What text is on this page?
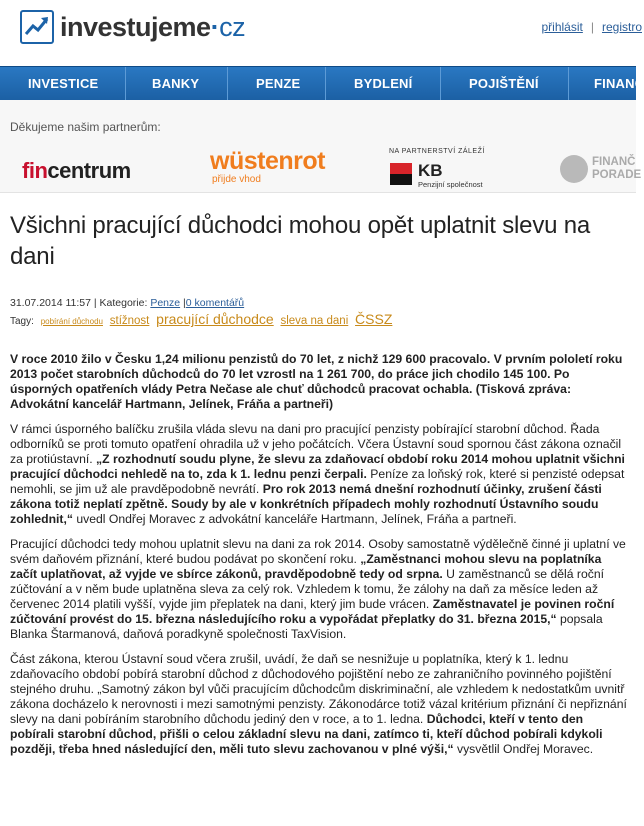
investujeme·cz	přihlásit | registro
INVESTICE	BANKY	PENZE	BYDLENÍ	POJIŠTĚNÍ	FINANC
Děkujeme našim partnerům:
fincentrum	wüstenrot
přijde vhod
NA PARTNERSTVÍ ZÁLEŽÍ
KB
Penzijní společnost
FINANČ
PORADE
Všichni pracující důchodci mohou opět uplatnit slevu na dani
31.07.2014 11:57 | Kategorie: Penze |0 komentářů
Tagy: pobírání důchodu stížnost pracující důchodce sleva na dani ČSSZ

V roce 2010 žilo v Česku 1,24 milionu penzistů do 70 let, z nichž 129 600 pracovalo. V prvním pololetí roku 2013 počet starobních důchodců do 70 let vzrostl na 1 261 700, do práce jich chodilo 145 100. Po úsporných opatřeních vlády Petra Nečase ale chuť důchodců pracovat ochabla. (Tisková zpráva: Advokátní kancelář Hartmann, Jelínek, Fráňa a partneři)

V rámci úsporného balíčku zrušila vláda slevu na dani pro pracující penzisty pobírající starobní důchod. Řada odborníků se proti tomuto opatření ohradila už v jeho počátcích. Včera Ústavní soud spornou část zákona označil za protiústavní. „Z rozhodnutí soudu plyne, že slevu za zdaňovací období roku 2014 mohou uplatnit všichni pracující důchodci nehledě na to, zda k 1. lednu penzi čerpali. Peníze za loňský rok, které si penzisté odepsat nemohli, se jim už ale pravděpodobně nevrátí. Pro rok 2013 nemá dnešní rozhodnutí účinky, zrušení části zákona totiž neplatí zpětně. Soudy by ale v konkrétních případech mohly rozhodnutí Ústavního soudu zohlednit,“ uvedl Ondřej Moravec z advokátní kanceláře Hartmann, Jelínek, Fráňa a partneři.

Pracující důchodci tedy mohou uplatnit slevu na dani za rok 2014. Osoby samostatně výdělečně činné ji uplatní ve svém daňovém přiznání, které budou podávat po skončení roku. „Zaměstnanci mohou slevu na poplatníka začít uplatňovat, až vyjde ve sbírce zákonů, pravděpodobně tedy od srpna. U zaměstnanců se dělá roční zúčtování a v něm bude uplatněna sleva za celý rok. Vzhledem k tomu, že zálohy na daň za měsíce leden až červenec 2014 platili vyšší, vyjde jim přeplatek na dani, který jim bude vrácen. Zaměstnavatel je povinen roční zúčtování provést do 15. března následujícího roku a vypořádat přeplatky do 31. března 2015,“ popsala Blanka Štarmanová, daňová poradkyně společnosti TaxVision.

Část zákona, kterou Ústavní soud včera zrušil, uvádí, že daň se nesnižuje u poplatníka, který k 1. lednu zdaňovacího období pobírá starobní důchod z důchodového pojištění nebo ze zahraničního povinného pojištění stejného druhu. „Samotný zákon byl vůči pracujícím důchodcům diskriminační, ale vzhledem k nedostatkům uvnitř zákona docházelo k nerovnosti i mezi samotnými penzisty. Zákonodárce totiž vázal kritérium přiznání či nepřiznání slevy na dani pobíráním starobního důchodu jediný den v roce, a to 1. ledna. Důchodci, kteří v tento den pobírali starobní důchod, přišli o celou základní slevu na dani, zatímco ti, kteří důchod pobírali kdykoli později, třeba hned následující den, měli tuto slevu zachovanou v plné výši,“ vysvětlil Ondřej Moravec.
